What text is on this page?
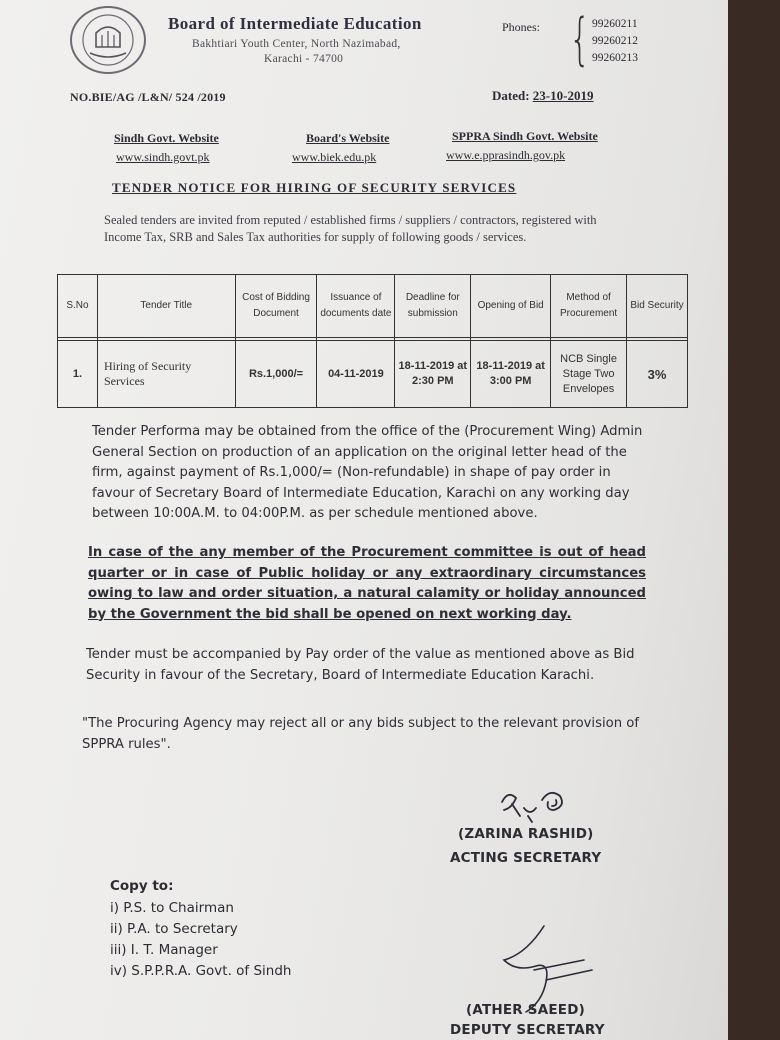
Board of Intermediate Education
Bakhtiari Youth Center, North Nazimabad,
Karachi - 74700
Phones: { 99260211
99260212
99260213
NO.BIE/AG /L&N/ 524 /2019	Dated: 23-10-2019
Sindh Govt. Website
www.sindh.govt.pk
Board's Website
www.biek.edu.pk
SPPRA Sindh Govt. Website
www.e.pprasindh.gov.pk
TENDER NOTICE FOR HIRING OF SECURITY SERVICES
Sealed tenders are invited from reputed / established firms / suppliers / contractors, registered with Income Tax, SRB and Sales Tax authorities for supply of following goods / services.
S.No	Tender Title	Cost of Bidding Document	Issuance of documents date	Deadline for submission	Opening of Bid	Method of Procurement	Bid Security

1.	Hiring of Security Services	Rs.1,000/=	04-11-2019	18-11-2019 at 2:30 PM	18-11-2019 at 3:00 PM	NCB Single Stage Two Envelopes	3%
Tender Performa may be obtained from the office of the (Procurement Wing) Admin General Section on production of an application on the original letter head of the firm, against payment of Rs.1,000/= (Non-refundable) in shape of pay order in favour of Secretary Board of Intermediate Education, Karachi on any working day between 10:00A.M. to 04:00P.M. as per schedule mentioned above.
In case of the any member of the Procurement committee is out of head quarter or in case of Public holiday or any extraordinary circumstances owing to law and order situation, a natural calamity or holiday announced by the Government the bid shall be opened on next working day.
Tender must be accompanied by Pay order of the value as mentioned above as Bid Security in favour of the Secretary, Board of Intermediate Education Karachi.
"The Procuring Agency may reject all or any bids subject to the relevant provision of SPPRA rules".
(ZARINA RASHID)
ACTING SECRETARY
Copy to:
i) P.S. to Chairman
ii) P.A. to Secretary
iii) I. T. Manager
iv) S.P.P.R.A. Govt. of Sindh
(ATHER SAEED)
DEPUTY SECRETARY
